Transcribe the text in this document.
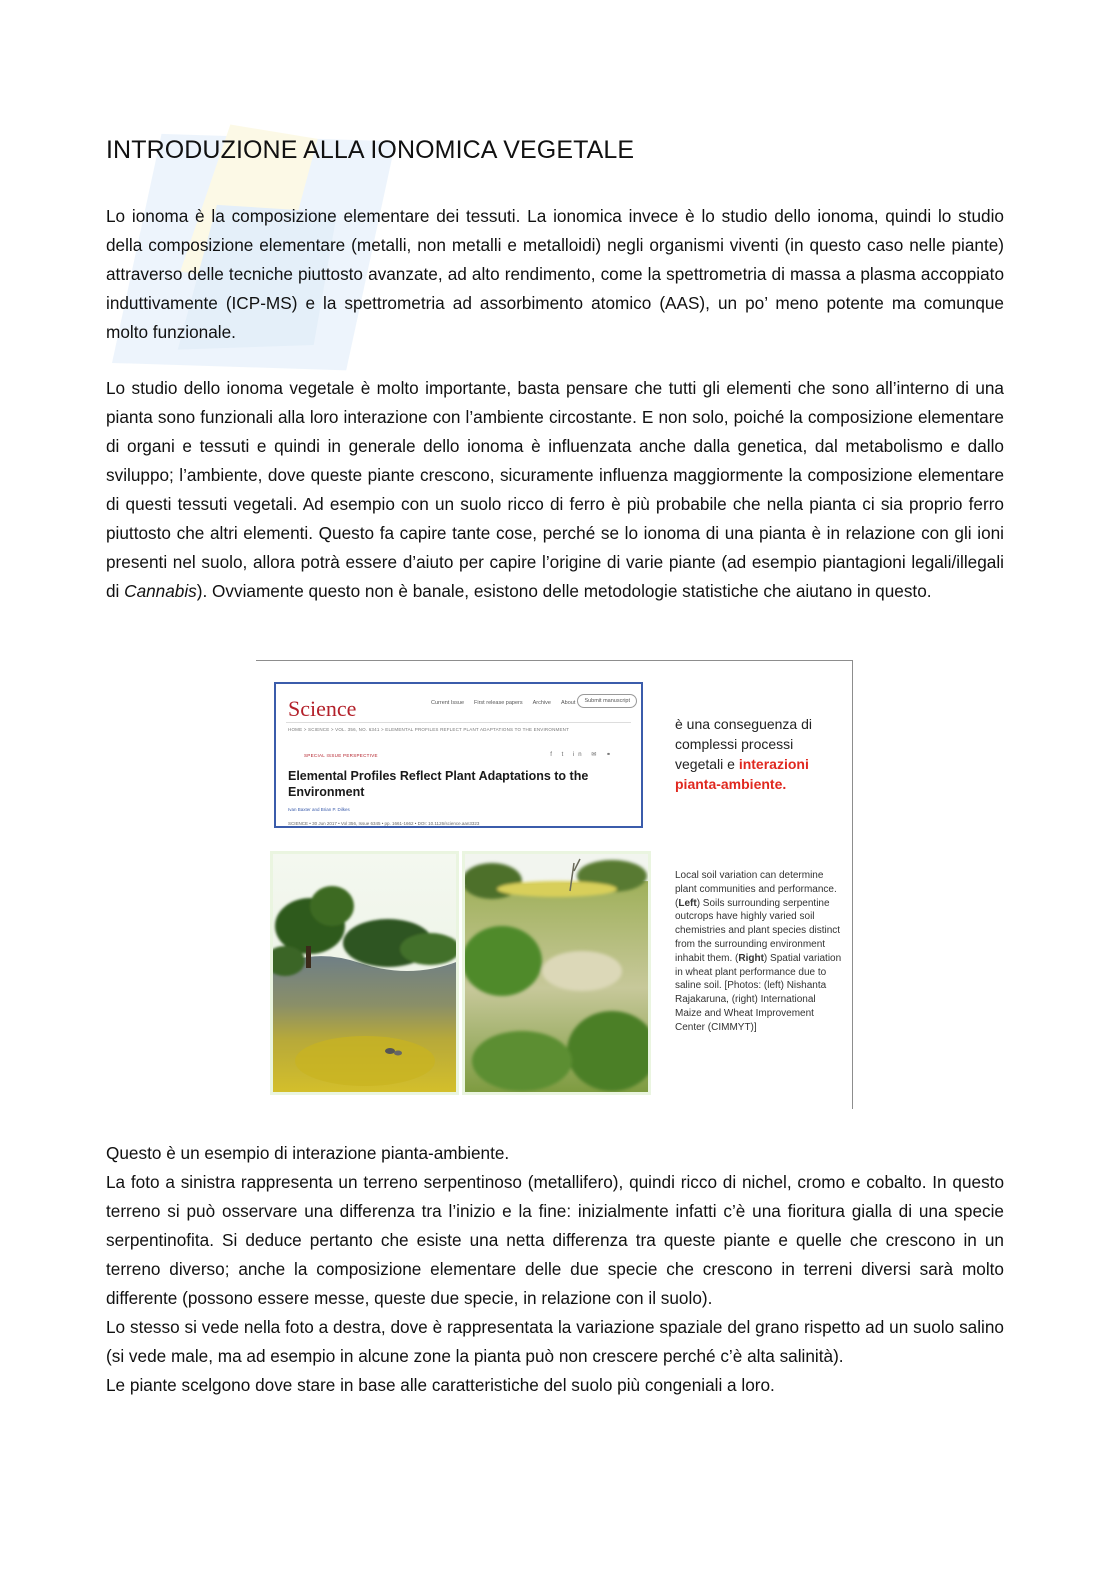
INTRODUZIONE ALLA IONOMICA VEGETALE

Lo ionoma è la composizione elementare dei tessuti. La ionomica invece è lo studio dello ionoma, quindi lo studio della composizione elementare (metalli, non metalli e metalloidi) negli organismi viventi (in questo caso nelle piante) attraverso delle tecniche piuttosto avanzate, ad alto rendimento, come la spettrometria di massa a plasma accoppiato induttivamente (ICP-MS) e la spettrometria ad assorbimento atomico (AAS), un po’ meno potente ma comunque molto funzionale.

Lo studio dello ionoma vegetale è molto importante, basta pensare che tutti gli elementi che sono all’interno di una pianta sono funzionali alla loro interazione con l’ambiente circostante. E non solo, poiché la composizione elementare di organi e tessuti e quindi in generale dello ionoma è influenzata anche dalla genetica, dal metabolismo e dallo sviluppo; l’ambiente, dove queste piante crescono, sicuramente influenza maggiormente la composizione elementare di questi tessuti vegetali. Ad esempio con un suolo ricco di ferro è più probabile che nella pianta ci sia proprio ferro piuttosto che altri elementi. Questo fa capire tante cose, perché se lo ionoma di una pianta è in relazione con gli ioni presenti nel suolo, allora potrà essere d’aiuto per capire l’origine di varie piante (ad esempio piantagioni legali/illegali di Cannabis). Ovviamente questo non è banale, esistono delle metodologie statistiche che aiutano in questo.

Science	Current Issue First release papers Archive About	Submit manuscript
HOME > SCIENCE > VOL. 356, NO. 6341 > ELEMENTAL PROFILES REFLECT PLANT ADAPTATIONS TO THE ENVIRONMENT
SPECIAL ISSUE PERSPECTIVE	f t in ✉ ⚭
Elemental Profiles Reflect Plant Adaptations to the Environment
Ivan Baxter and Brian P. Dilkes
SCIENCE • 30 Jun 2017 • Vol 356, Issue 6345 • pp. 1661-1662 • DOI: 10.1126/science.aan3323

è una conseguenza di complessi processi vegetali e interazioni pianta-ambiente.

Local soil variation can determine plant communities and performance. (Left) Soils surrounding serpentine outcrops have highly varied soil chemistries and plant species distinct from the surrounding environment inhabit them. (Right) Spatial variation in wheat plant performance due to saline soil. [Photos: (left) Nishanta Rajakaruna, (right) International Maize and Wheat Improvement Center (CIMMYT)]

Questo è un esempio di interazione pianta-ambiente.
La foto a sinistra rappresenta un terreno serpentinoso (metallifero), quindi ricco di nichel, cromo e cobalto. In questo terreno si può osservare una differenza tra l’inizio e la fine: inizialmente infatti c’è una fioritura gialla di una specie serpentinofita. Si deduce pertanto che esiste una netta differenza tra queste piante e quelle che crescono in un terreno diverso; anche la composizione elementare delle due specie che crescono in terreni diversi sarà molto differente (possono essere messe, queste due specie, in relazione con il suolo).
Lo stesso si vede nella foto a destra, dove è rappresentata la variazione spaziale del grano rispetto ad un suolo salino (si vede male, ma ad esempio in alcune zone la pianta può non crescere perché c’è alta salinità).
Le piante scelgono dove stare in base alle caratteristiche del suolo più congeniali a loro.
